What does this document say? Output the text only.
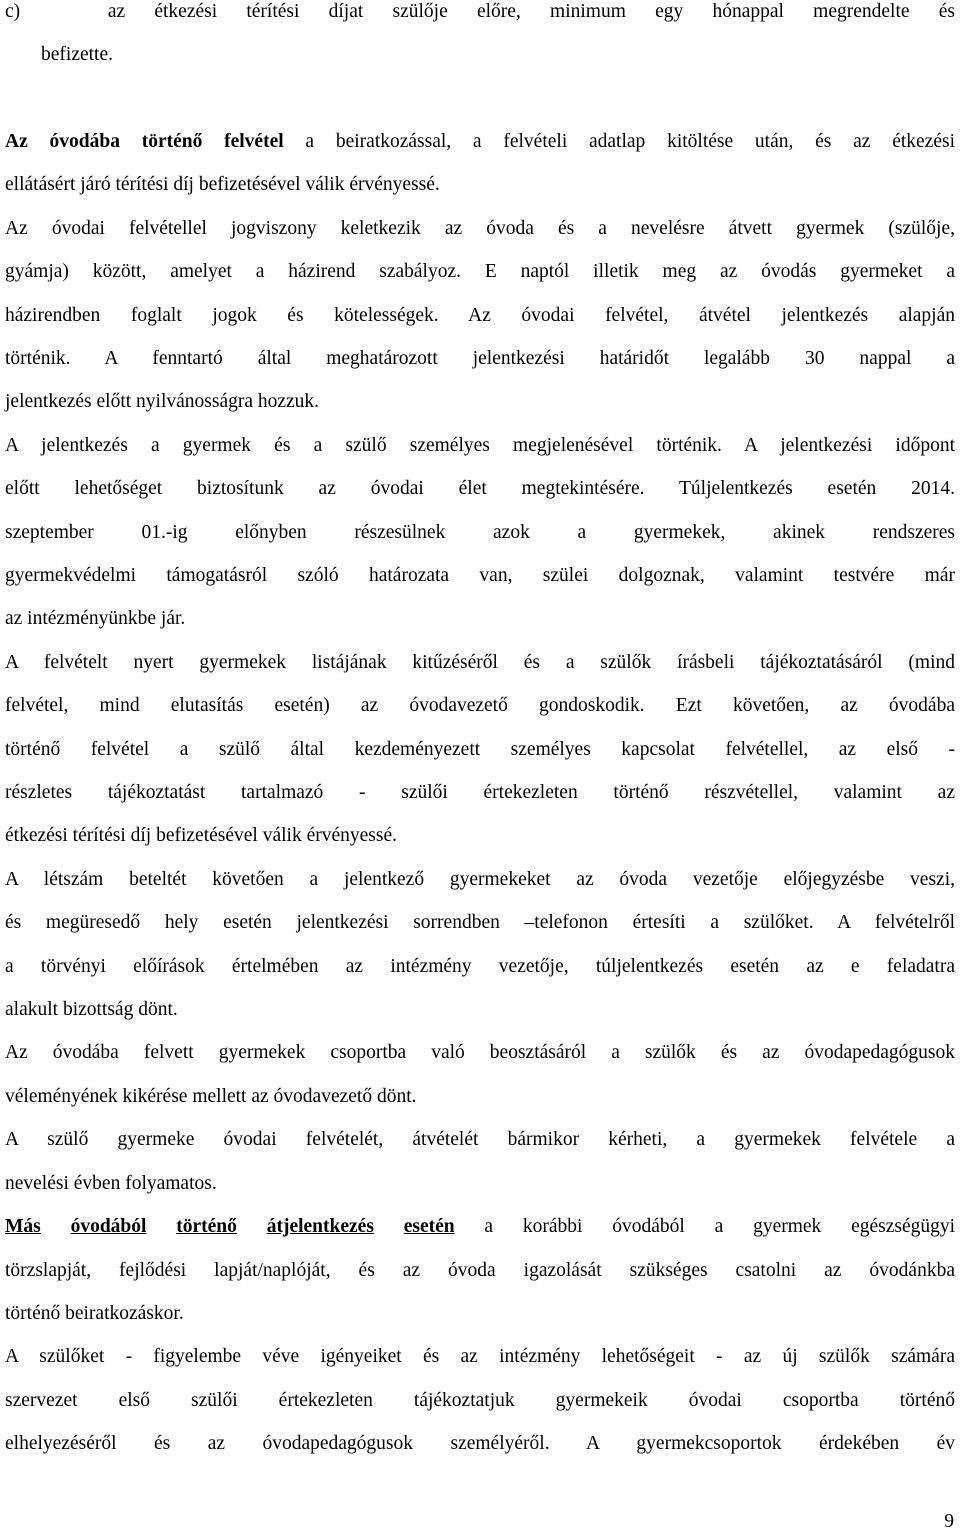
c)	az étkezési térítési díjat szülője előre, minimum egy hónappal megrendelte és
befizette.
Az óvodába történő felvétel a beiratkozással, a felvételi adatlap kitöltése után, és az étkezési
ellátásért járó térítési díj befizetésével válik érvényessé.
Az óvodai felvétellel jogviszony keletkezik az óvoda és a nevelésre átvett gyermek (szülője,
gyámja) között, amelyet a házirend szabályoz. E naptól illetik meg az óvodás gyermeket a
házirendben foglalt jogok és kötelességek. Az óvodai felvétel, átvétel jelentkezés alapján
történik. A fenntartó által meghatározott jelentkezési határidőt legalább 30 nappal a
jelentkezés előtt nyilvánosságra hozzuk.
A jelentkezés a gyermek és a szülő személyes megjelenésével történik. A jelentkezési időpont
előtt lehetőséget biztosítunk az óvodai élet megtekintésére. Túljelentkezés esetén 2014.
szeptember 01.-ig előnyben részesülnek azok a gyermekek, akinek rendszeres
gyermekvédelmi támogatásról szóló határozata van, szülei dolgoznak, valamint testvére már
az intézményünkbe jár.
A felvételt nyert gyermekek listájának kitűzéséről és a szülők írásbeli tájékoztatásáról (mind
felvétel, mind elutasítás esetén) az óvodavezető gondoskodik. Ezt követően, az óvodába
történő felvétel a szülő által kezdeményezett személyes kapcsolat felvétellel, az első -
részletes tájékoztatást tartalmazó - szülői értekezleten történő részvétellel, valamint az
étkezési térítési díj befizetésével válik érvényessé.
A létszám beteltét követően a jelentkező gyermekeket az óvoda vezetője előjegyzésbe veszi,
és megüresedő hely esetén jelentkezési sorrendben –telefonon értesíti a szülőket. A felvételről
a törvényi előírások értelmében az intézmény vezetője, túljelentkezés esetén az e feladatra
alakult bizottság dönt.
Az óvodába felvett gyermekek csoportba való beosztásáról a szülők és az óvodapedagógusok
véleményének kikérése mellett az óvodavezető dönt.
A szülő gyermeke óvodai felvételét, átvételét bármikor kérheti, a gyermekek felvétele a
nevelési évben folyamatos.
Más óvodából történő átjelentkezés esetén a korábbi óvodából a gyermek egészségügyi
törzslapját, fejlődési lapját/naplóját, és az óvoda igazolását szükséges csatolni az óvodánkba
történő beiratkozáskor.
A szülőket - figyelembe véve igényeiket és az intézmény lehetőségeit - az új szülők számára
szervezet első szülői értekezleten tájékoztatjuk gyermekeik óvodai csoportba történő
elhelyezéséről és az óvodapedagógusok személyéről. A gyermekcsoportok érdekében év
9
